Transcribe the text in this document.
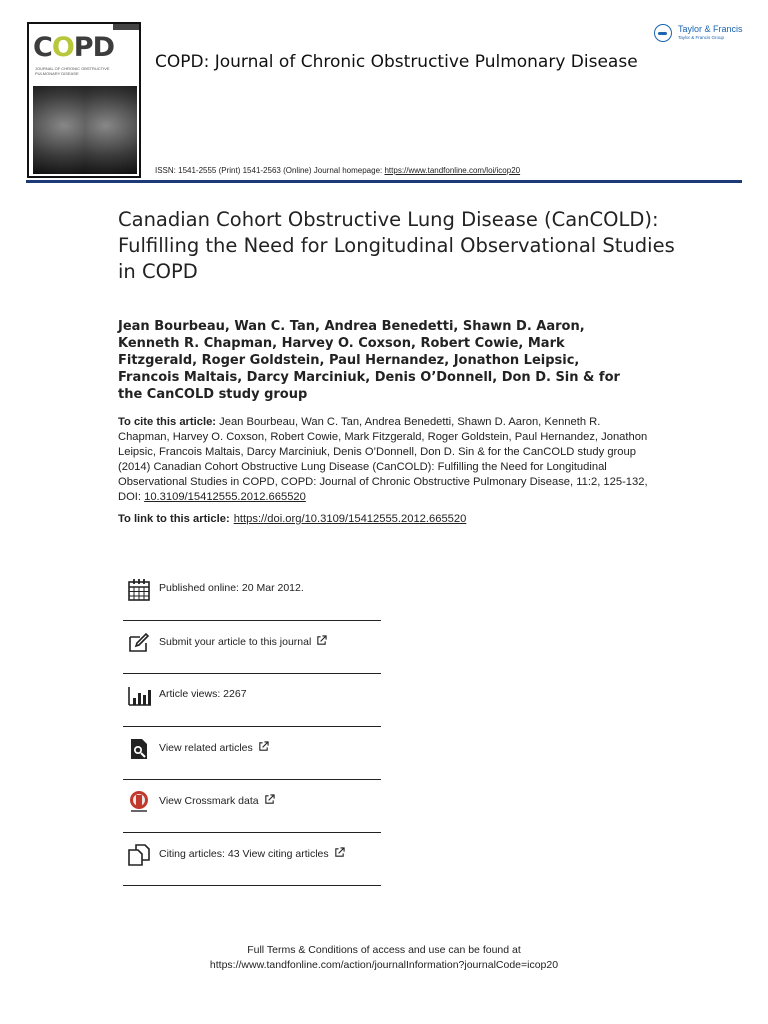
COPD
JOURNAL OF CHRONIC OBSTRUCTIVE PULMONARY DISEASE
COPD: Journal of Chronic Obstructive Pulmonary Disease
Taylor & Francis
Taylor & Francis Group
ISSN: 1541-2555 (Print) 1541-2563 (Online) Journal homepage: https://www.tandfonline.com/loi/icop20
Canadian Cohort Obstructive Lung Disease (CanCOLD): Fulfilling the Need for Longitudinal Observational Studies in COPD
Jean Bourbeau, Wan C. Tan, Andrea Benedetti, Shawn D. Aaron, Kenneth R. Chapman, Harvey O. Coxson, Robert Cowie, Mark Fitzgerald, Roger Goldstein, Paul Hernandez, Jonathon Leipsic, Francois Maltais, Darcy Marciniuk, Denis O’Donnell, Don D. Sin & for the CanCOLD study group
To cite this article: Jean Bourbeau, Wan C. Tan, Andrea Benedetti, Shawn D. Aaron, Kenneth R. Chapman, Harvey O. Coxson, Robert Cowie, Mark Fitzgerald, Roger Goldstein, Paul Hernandez, Jonathon Leipsic, Francois Maltais, Darcy Marciniuk, Denis O’Donnell, Don D. Sin & for the CanCOLD study group (2014) Canadian Cohort Obstructive Lung Disease (CanCOLD): Fulfilling the Need for Longitudinal Observational Studies in COPD, COPD: Journal of Chronic Obstructive Pulmonary Disease, 11:2, 125-132, DOI: 10.3109/15412555.2012.665520
To link to this article: https://doi.org/10.3109/15412555.2012.665520
Published online: 20 Mar 2012.
Submit your article to this journal
Article views: 2267
View related articles
View Crossmark data
Citing articles: 43 View citing articles
Full Terms & Conditions of access and use can be found at
https://www.tandfonline.com/action/journalInformation?journalCode=icop20
